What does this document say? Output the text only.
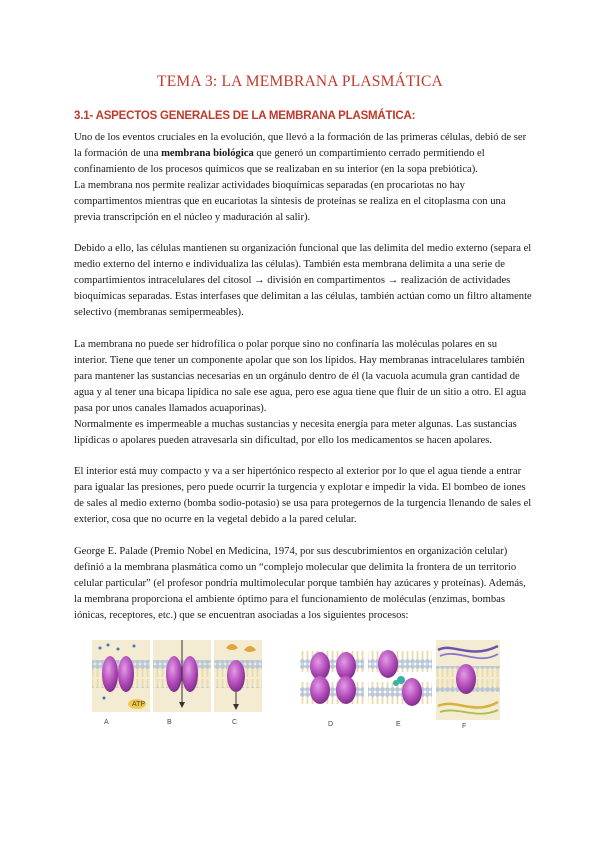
TEMA 3: LA MEMBRANA PLASMÁTICA
3.1- ASPECTOS GENERALES DE LA MEMBRANA PLASMÁTICA:

Uno de los eventos cruciales en la evolución, que llevó a la formación de las primeras células, debió de ser la formación de una membrana biológica que generó un compartimiento cerrado permitiendo el confinamiento de los procesos químicos que se realizaban en su interior (en la sopa prebiótica).

La membrana nos permite realizar actividades bioquímicas separadas (en procariotas no hay compartimentos mientras que en eucariotas la síntesis de proteínas se realiza en el citoplasma con una previa transcripción en el núcleo y maduración al salir).

Debido a ello, las células mantienen su organización funcional que las delimita del medio externo (separa el medio externo del interno e individualiza las células). También esta membrana delimita a una serie de compartimientos intracelulares del citosol → división en compartimentos → realización de actividades bioquímicas separadas. Estas interfases que delimitan a las células, también actúan como un filtro altamente selectivo (membranas semipermeables).

La membrana no puede ser hidrofílica o polar porque sino no confinaría las moléculas polares en su interior. Tiene que tener un componente apolar que son los lípidos. Hay membranas intracelulares también para mantener las sustancias necesarias en un orgánulo dentro de él (la vacuola acumula gran cantidad de agua y al tener una bicapa lipídica no sale ese agua, pero ese agua tiene que fluir de un sitio a otro. El agua pasa por unos canales llamados acuaporinas).

Normalmente es impermeable a muchas sustancias y necesita energía para meter algunas. Las sustancias lipídicas o apolares pueden atravesarla sin dificultad, por ello los medicamentos se hacen apolares.

El interior está muy compacto y va a ser hipertónico respecto al exterior por lo que el agua tiende a entrar para igualar las presiones, pero puede ocurrir la turgencia y explotar e impedir la vida. El bombeo de iones de sales al medio externo (bomba sodio-potasio) se usa para protegernos de la turgencia llenando de sales el exterior, cosa que no ocurre en la vegetal debido a la pared celular.

George E. Palade (Premio Nobel en Medicina, 1974, por sus descubrimientos en organización celular) definió a la membrana plasmática como un “complejo molecular que delimita la frontera de un territorio celular particular” (el profesor pondría multimolecular porque también hay azúcares y proteínas). Además, la membrana proporciona el ambiente óptimo para el funcionamiento de moléculas (enzimas, bombas iónicas, receptores, etc.) que se encuentran asociadas a los siguientes procesos:

ATP
A	B	C	D	E	F
